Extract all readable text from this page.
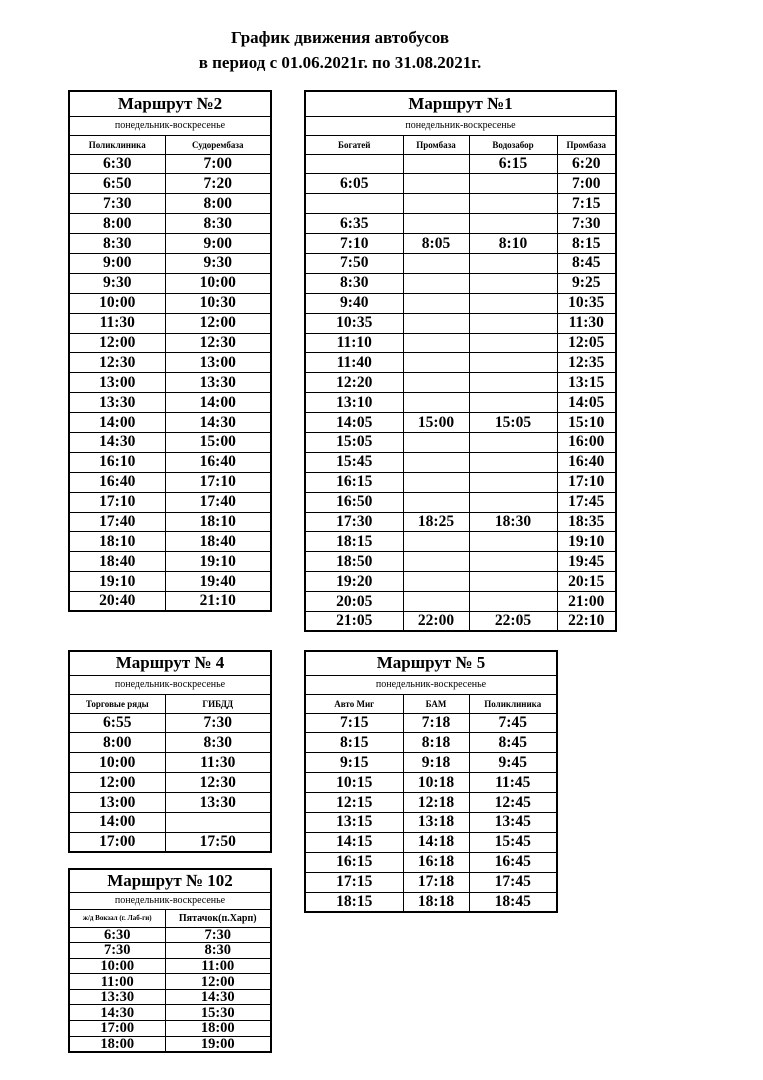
График движения автобусов
в период с 01.06.2021г. по 31.08.2021г.
Маршрут №2	
понедельник-воскресенье	
Поликлиника	Судорембаза
6:30	7:00
6:50	7:20
7:30	8:00
8:00	8:30
8:30	9:00
9:00	9:30
9:30	10:00
10:00	10:30
11:30	12:00
12:00	12:30
12:30	13:00
13:00	13:30
13:30	14:00
14:00	14:30
14:30	15:00
16:10	16:40
16:40	17:10
17:10	17:40
17:40	18:10
18:10	18:40
18:40	19:10
19:10	19:40
20:40	21:10
Маршрут №1			
понедельник-воскресенье			
Богатей	Промбаза	Водозабор	Промбаза
		6:15	6:20
6:05			7:00
			7:15
6:35			7:30
7:10	8:05	8:10	8:15
7:50			8:45
8:30			9:25
9:40			10:35
10:35			11:30
11:10			12:05
11:40			12:35
12:20			13:15
13:10			14:05
14:05	15:00	15:05	15:10
15:05			16:00
15:45			16:40
16:15			17:10
16:50			17:45
17:30	18:25	18:30	18:35
18:15			19:10
18:50			19:45
19:20			20:15
20:05			21:00
21:05	22:00	22:05	22:10
Маршрут № 4	
понедельник-воскресенье	
Торговые ряды	ГИБДД
6:55	7:30
8:00	8:30
10:00	11:30
12:00	12:30
13:00	13:30
14:00	
17:00	17:50
Маршрут № 5		
понедельник-воскресенье		
Авто Миг	БАМ	Поликлиника
7:15	7:18	7:45
8:15	8:18	8:45
9:15	9:18	9:45
10:15	10:18	11:45
12:15	12:18	12:45
13:15	13:18	13:45
14:15	14:18	15:45
16:15	16:18	16:45
17:15	17:18	17:45
18:15	18:18	18:45
Маршрут № 102	
понедельник-воскресенье	
ж/д Вокзал (г. Лаб-ги)	Пятачок(п.Харп)
6:30	7:30
7:30	8:30
10:00	11:00
11:00	12:00
13:30	14:30
14:30	15:30
17:00	18:00
18:00	19:00
